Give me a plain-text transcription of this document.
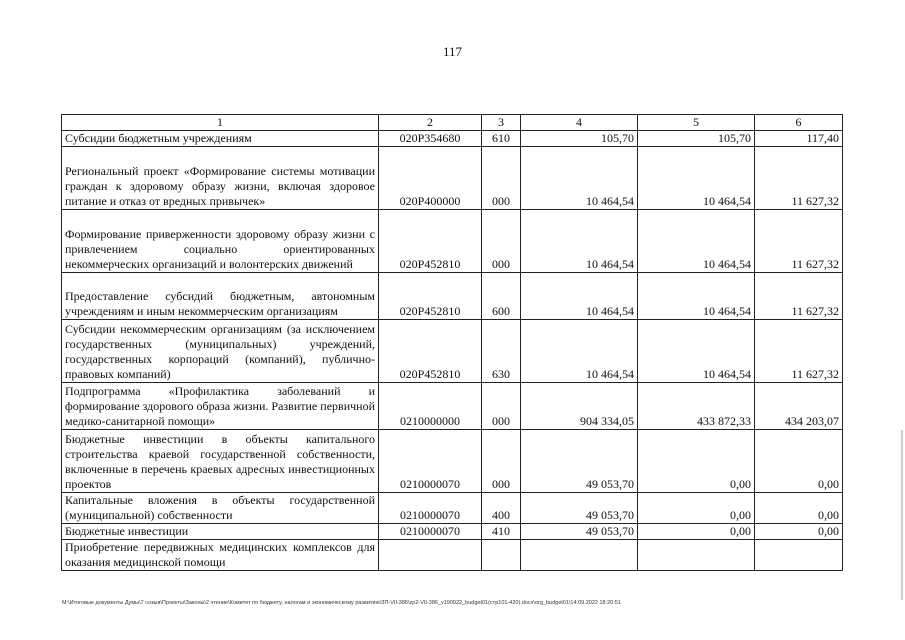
117
1	2	3	4	5	6
Субсидии бюджетным учреждениям	020P354680	610	105,70	105,70	117,40
Региональный проект «Формирование системы мотивации граждан к здоровому образу жизни, включая здоровое питание и отказ от вредных привычек»	020P400000	000	10 464,54	10 464,54	11 627,32
Формирование приверженности здоровому образу жизни с привлечением социально ориентированных некоммерческих организаций и волонтерских движений	020P452810	000	10 464,54	10 464,54	11 627,32
Предоставление субсидий бюджетным, автономным учреждениям и иным некоммерческим организациям	020P452810	600	10 464,54	10 464,54	11 627,32
Субсидии некоммерческим организациям (за исключением государственных (муниципальных) учреждений, государственных корпораций (компаний), публично-правовых компаний)	020P452810	630	10 464,54	10 464,54	11 627,32
Подпрограмма «Профилактика заболеваний и формирование здорового образа жизни. Развитие первичной медико-санитарной помощи»	0210000000	000	904 334,05	433 872,33	434 203,07
Бюджетные инвестиции в объекты капитального строительства краевой государственной собственности, включенные в перечень краевых адресных инвестиционных проектов	0210000070	000	49 053,70	0,00	0,00
Капитальные вложения в объекты государственной (муниципальной) собственности	0210000070	400	49 053,70	0,00	0,00
Бюджетные инвестиции	0210000070	410	49 053,70	0,00	0,00
Приобретение передвижных медицинских комплексов для оказания медицинской помощи					
M:\Итоговые документы Думы\7 созыв\Проекты\Законы\2 чтение\Комитет по бюджету, налогам и экономическому развитию\ЗП-VII-386\zp2-VII-386_v190922_budget01(стр101-420).docx\org_budget01\14.09.2022 18:20:51
